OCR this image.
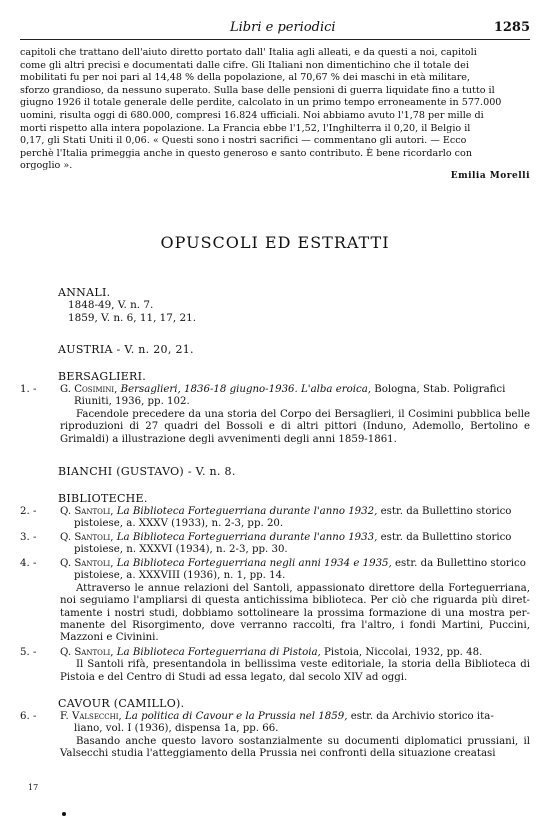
Libri e periodici	1285
capitoli che trattano dell'aiuto diretto portato dall' Italia agli alleati, e da questi a noi, capitoli
come gli altri precisi e documentati dalle cifre. Gli Italiani non dimentichino che il totale dei
mobilitati fu per noi pari al 14,48 % della popolazione, al 70,67 % dei maschi in età militare,
sforzo grandioso, da nessuno superato. Sulla base delle pensioni di guerra liquidate fino a tutto il
giugno 1926 il totale generale delle perdite, calcolato in un primo tempo erroneamente in 577.000
uomini, risulta oggi di 680.000, compresi 16.824 ufficiali. Noi abbiamo avuto l'1,78 per mille di
morti rispetto alla intera popolazione. La Francia ebbe l'1,52, l'Inghilterra il 0,20, il Belgio il
0,17, gli Stati Uniti il 0,06. « Questi sono i nostri sacrifici — commentano gli autori. — Ecco
perchè l'Italia primeggia anche in questo generoso e santo contributo. È bene ricordarlo con
orgoglio ».
Emilia Morelli
OPUSCOLI ED ESTRATTI
ANNALI.
1848-49, V. n. 7.
1859, V. n. 6, 11, 17, 21.
AUSTRIA - V. n. 20, 21.
BERSAGLIERI.
1. -	G. Cosimini, Bersaglieri, 1836-18 giugno-1936. L'alba eroica, Bologna, Stab. Poligrafici
Riuniti, 1936, pp. 102.
Facendole precedere da una storia del Corpo dei Bersaglieri, il Cosimini pubblica belle riproduzioni di 27 quadri del Bossoli e di altri pittori (Induno, Ademollo, Bertolino e Grimaldi) a illustrazione degli avvenimenti degli anni 1859-1861.
BIANCHI (GUSTAVO) - V. n. 8.
BIBLIOTECHE.
2. -	Q. Santoli, La Biblioteca Forteguerriana durante l'anno 1932, estr. da Bullettino storico
pistoiese, a. XXXV (1933), n. 2-3, pp. 20.
3. -	Q. Santoli, La Biblioteca Forteguerriana durante l'anno 1933, estr. da Bullettino storico
pistoiese, n. XXXVI (1934), n. 2-3, pp. 30.
4. -	Q. Santoli, La Biblioteca Forteguerriana negli anni 1934 e 1935, estr. da Bullettino storico
pistoiese, a. XXXVIII (1936), n. 1, pp. 14.
Attraverso le annue relazioni del Santoli, appassionato direttore della Forteguerriana, noi seguiamo l'ampliarsi di questa antichissima biblioteca. Per ciò che riguarda più diret- tamente i nostri studi, dobbiamo sottolineare la prossima formazione di una mostra per- manente del Risorgimento, dove verranno raccolti, fra l'altro, i fondi Martini, Puccini, Mazzoni e Civinini.
5. -	Q. Santoli, La Biblioteca Forteguerriana di Pistoia, Pistoia, Niccolai, 1932, pp. 48.
Il Santoli rifà, presentandola in bellissima veste editoriale, la storia della Biblioteca di Pistoia e del Centro di Studi ad essa legato, dal secolo XIV ad oggi.
CAVOUR (CAMILLO).
6. -	F. Valsecchi, La politica di Cavour e la Prussia nel 1859, estr. da Archivio storico ita-
liano, vol. I (1936), dispensa 1a, pp. 66.
Basando anche questo lavoro sostanzialmente su documenti diplomatici prussiani, il Valsecchi studia l'atteggiamento della Prussia nei confronti della situazione creatasi
17
